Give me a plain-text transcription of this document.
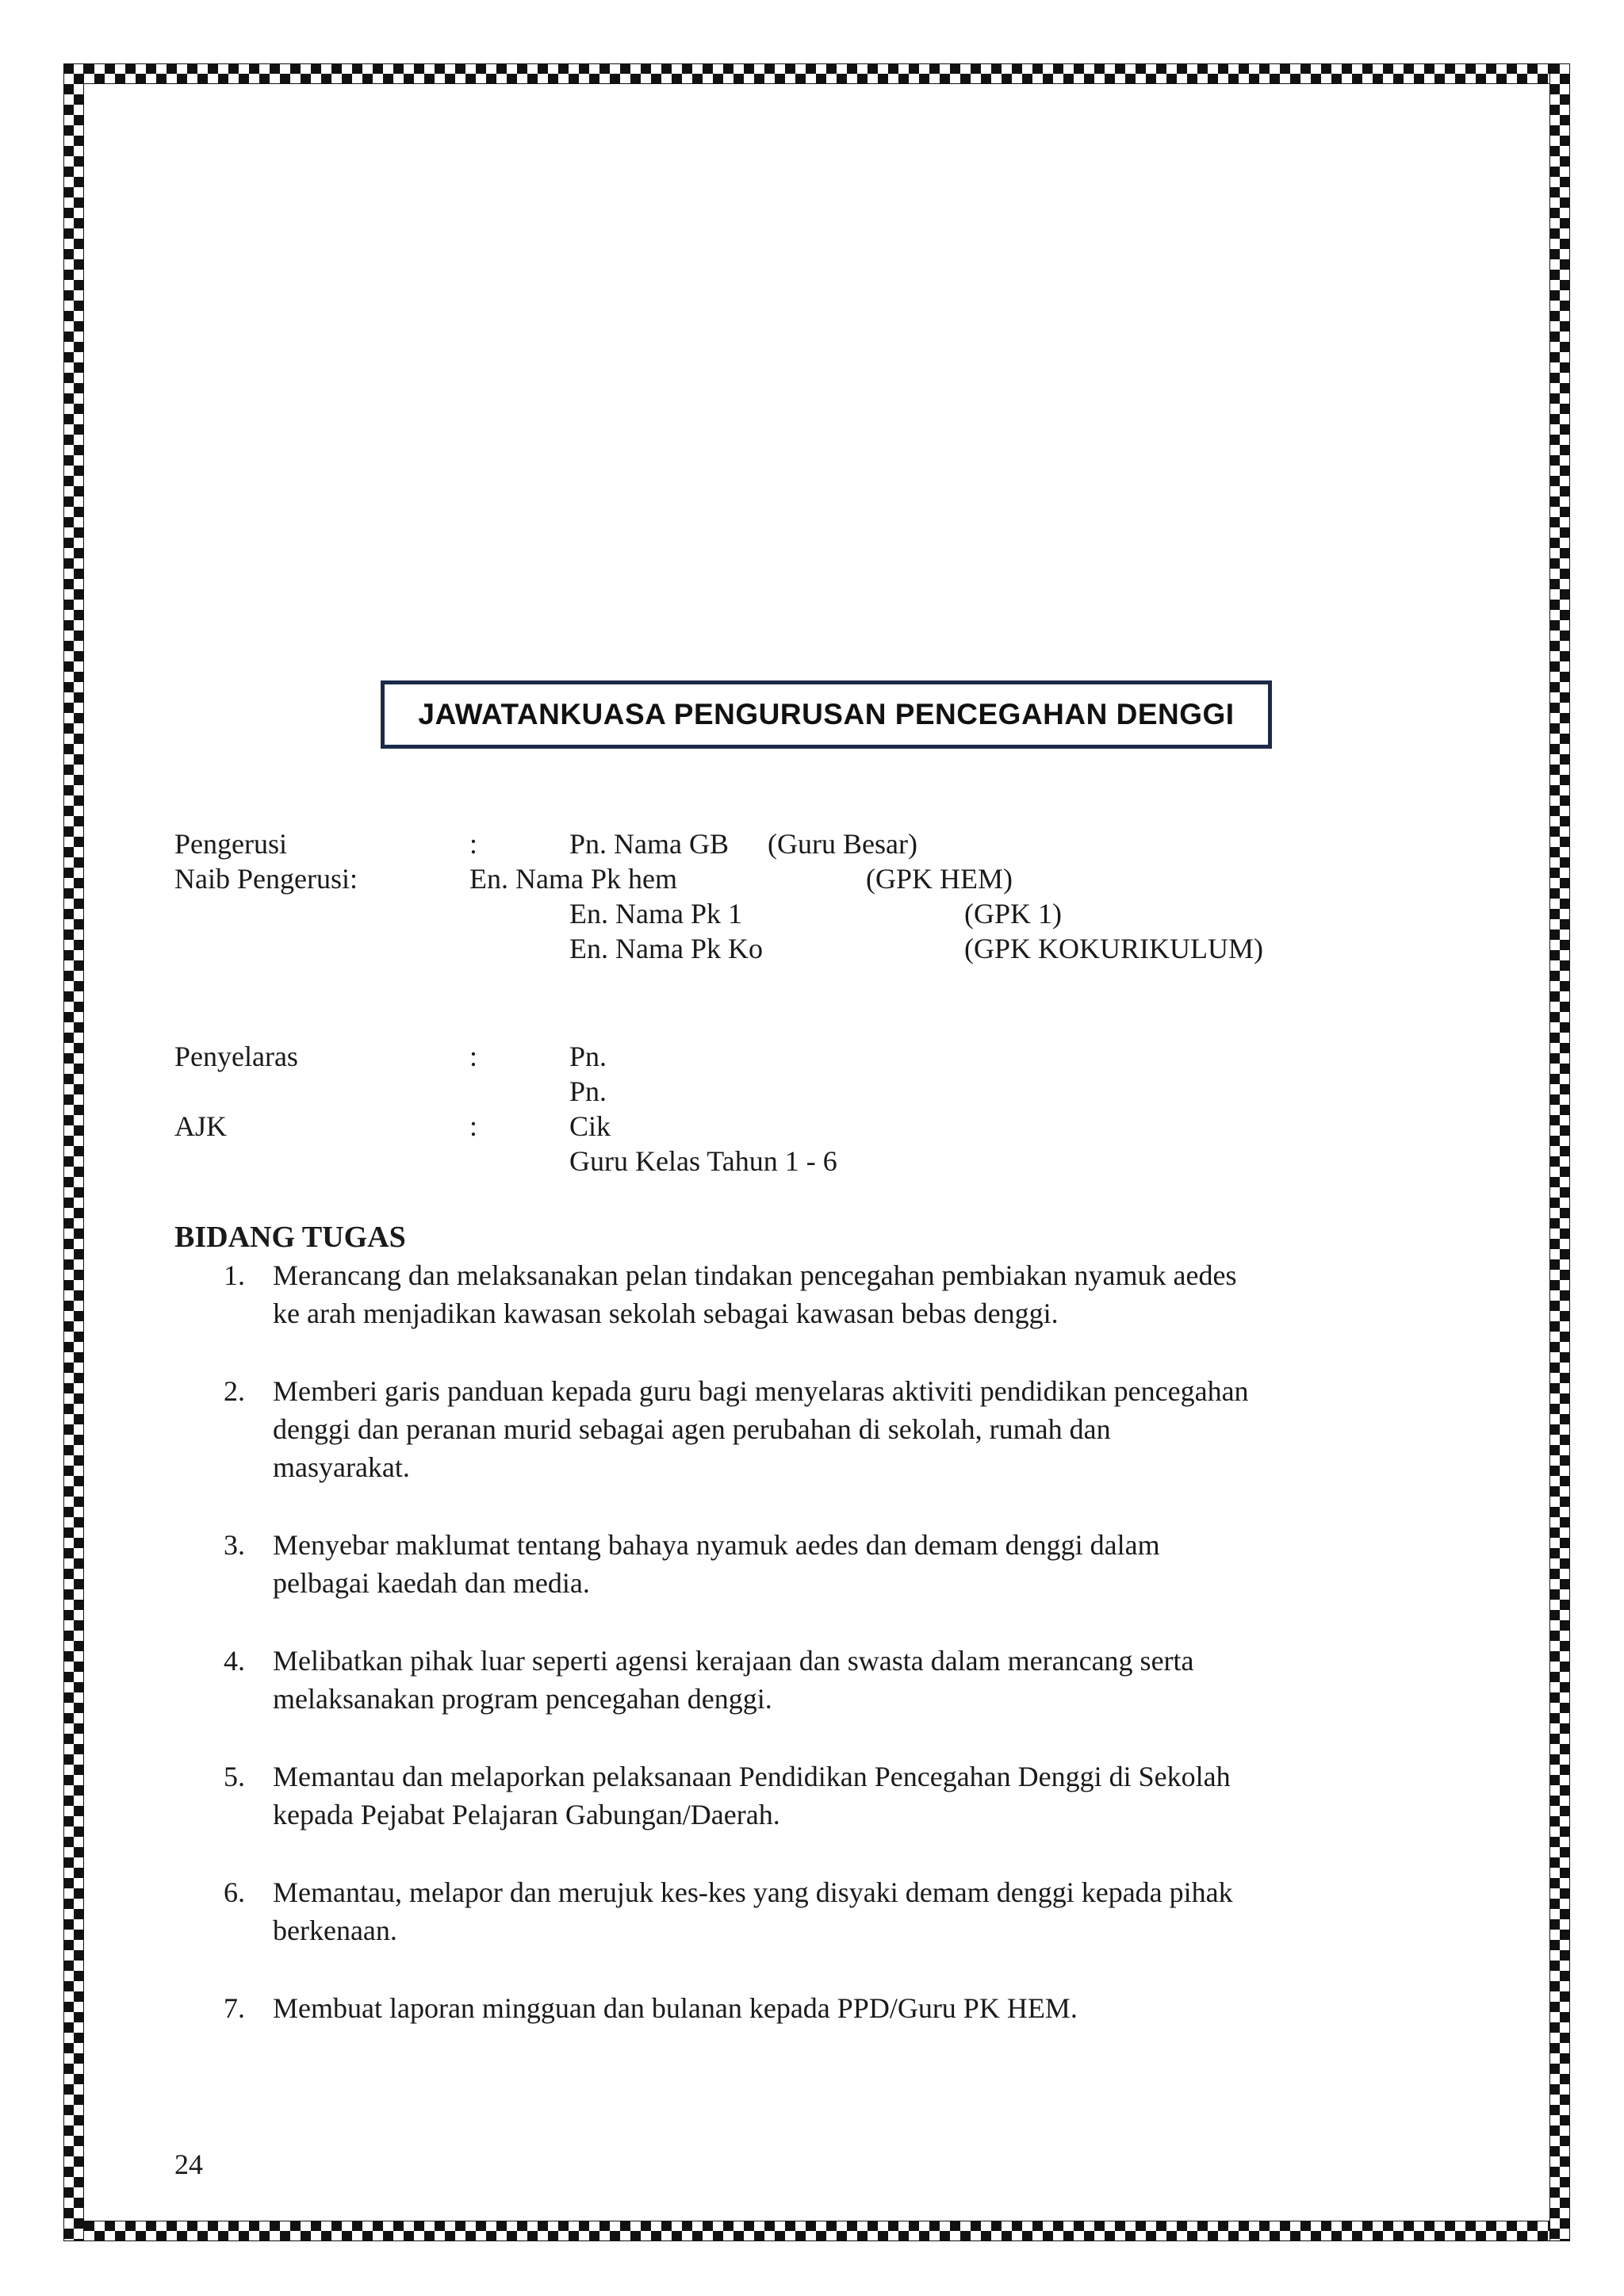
JAWATANKUASA PENGURUSAN PENCEGAHAN DENGGI
Pengerusi	:	Pn. Nama GB (Guru Besar)
Naib Pengerusi:	En. Nama Pk hem	(GPK HEM)
En. Nama Pk 1	(GPK 1)
En. Nama Pk Ko	(GPK KOKURIKULUM)
Penyelaras	:	Pn.
Pn.
AJK	:	Cik
Guru Kelas Tahun 1 - 6
BIDANG TUGAS
1. Merancang dan melaksanakan pelan tindakan pencegahan pembiakan nyamuk aedes
ke arah menjadikan kawasan sekolah sebagai kawasan bebas denggi.
2. Memberi garis panduan kepada guru bagi menyelaras aktiviti pendidikan pencegahan
denggi dan peranan murid sebagai agen perubahan di sekolah, rumah dan
masyarakat.
3. Menyebar maklumat tentang bahaya nyamuk aedes dan demam denggi dalam
pelbagai kaedah dan media.
4. Melibatkan pihak luar seperti agensi kerajaan dan swasta dalam merancang serta
melaksanakan program pencegahan denggi.
5. Memantau dan melaporkan pelaksanaan Pendidikan Pencegahan Denggi di Sekolah
kepada Pejabat Pelajaran Gabungan/Daerah.
6. Memantau, melapor dan merujuk kes-kes yang disyaki demam denggi kepada pihak
berkenaan.
7. Membuat laporan mingguan dan bulanan kepada PPD/Guru PK HEM.
24
